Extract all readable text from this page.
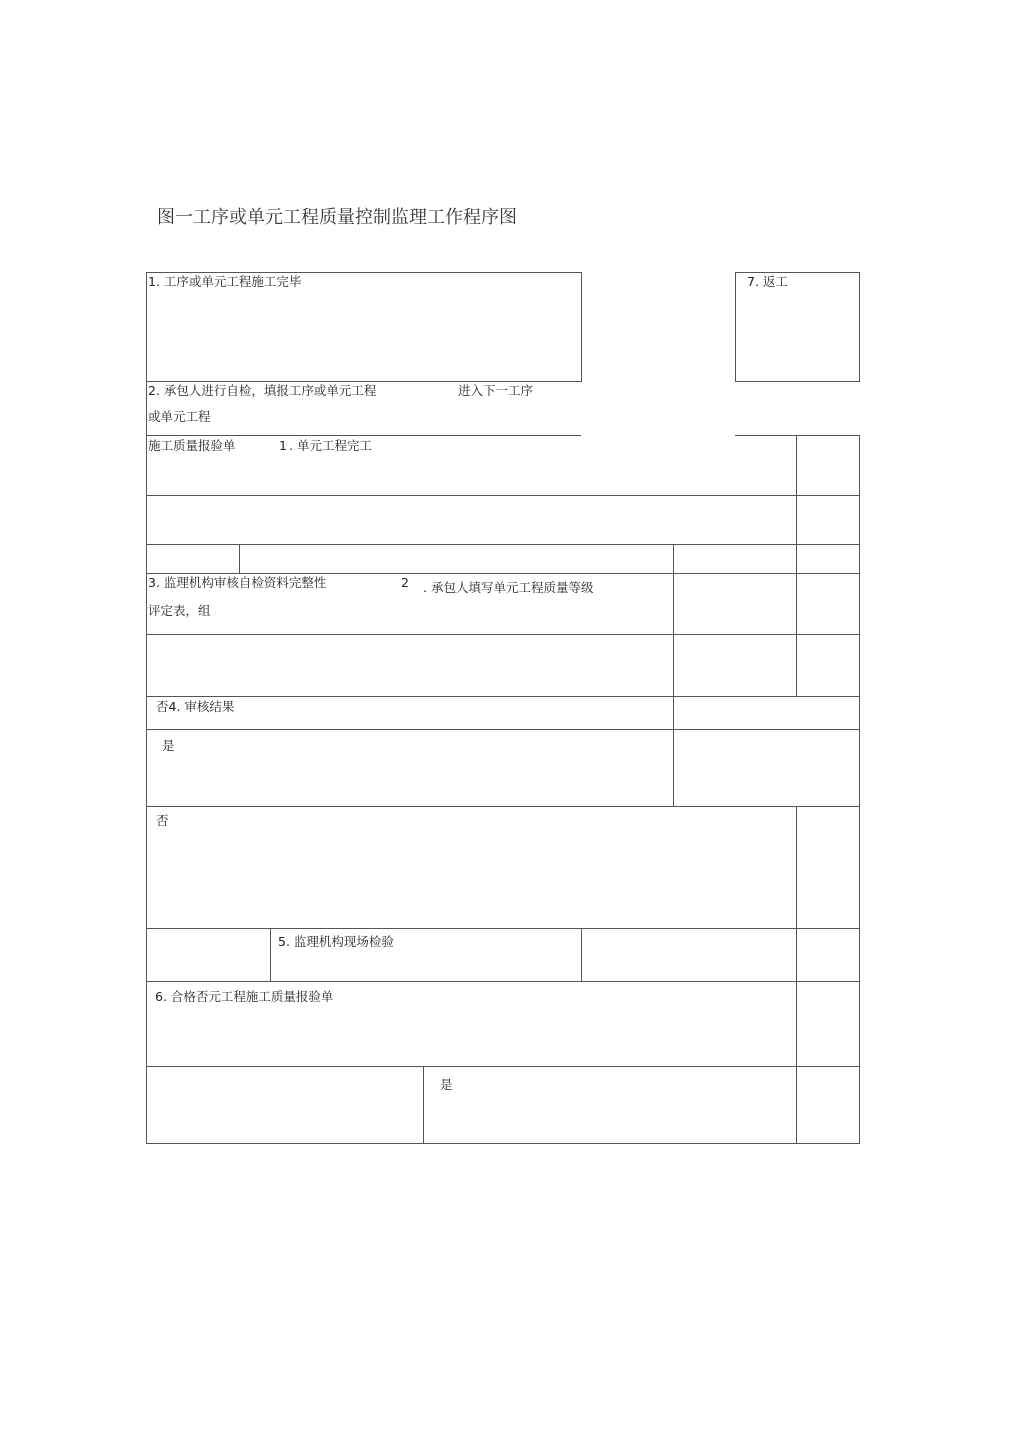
图一工序或单元工程质量控制监理工作程序图
1. 工序或单元工程施工完毕	7. 返工
2. 承包人进行自检，填报工序或单元工程	进入下一工序
或单元工程
施工质量报验单	1 . 单元工程完工
3. 监理机构审核自检资料完整性	2 . 承包人填写单元工程质量等级
评定表，组
否4. 审核结果
是
否
5. 监理机构现场检验
6. 合格否元工程施工质量报验单
是
